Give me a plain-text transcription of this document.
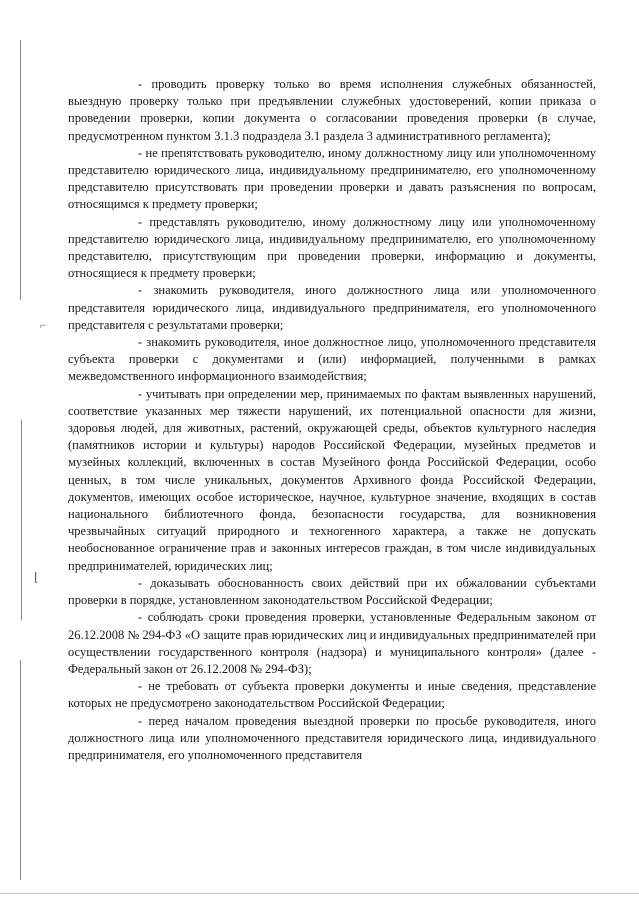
⌐
⌊

- проводить проверку только во время исполнения служебных обязанностей, выездную проверку только при предъявлении служебных удостоверений, копии приказа о проведении проверки, копии документа о согласовании проведения проверки (в случае, предусмотренном пунктом 3.1.3 подраздела 3.1 раздела 3 административного регламента);

- не препятствовать руководителю, иному должностному лицу или уполномоченному представителю юридического лица, индивидуальному предпринимателю, его уполномоченному представителю присутствовать при проведении проверки и давать разъяснения по вопросам, относящимся к предмету проверки;

- представлять руководителю, иному должностному лицу или уполномоченному представителю юридического лица, индивидуальному предпринимателю, его уполномоченному представителю, присутствующим при проведении проверки, информацию и документы, относящиеся к предмету проверки;

- знакомить руководителя, иного должностного лица или уполномоченного представителя юридического лица, индивидуального предпринимателя, его уполномоченного представителя с результатами проверки;

- знакомить руководителя, иное должностное лицо, уполномоченного представителя субъекта проверки с документами и (или) информацией, полученными в рамках межведомственного информационного взаимодействия;

- учитывать при определении мер, принимаемых по фактам выявленных нарушений, соответствие указанных мер тяжести нарушений, их потенциальной опасности для жизни, здоровья людей, для животных, растений, окружающей среды, объектов культурного наследия (памятников истории и культуры) народов Российской Федерации, музейных предметов и музейных коллекций, включенных в состав Музейного фонда Российской Федерации, особо ценных, в том числе уникальных, документов Архивного фонда Российской Федерации, документов, имеющих особое историческое, научное, культурное значение, входящих в состав национального библиотечного фонда, безопасности государства, для возникновения чрезвычайных ситуаций природного и техногенного характера, а также не допускать необоснованное ограничение прав и законных интересов граждан, в том числе индивидуальных предпринимателей, юридических лиц;

- доказывать обоснованность своих действий при их обжаловании субъектами проверки в порядке, установленном законодательством Российской Федерации;

- соблюдать сроки проведения проверки, установленные Федеральным законом от 26.12.2008 № 294-ФЗ «О защите прав юридических лиц и индивидуальных предпринимателей при осуществлении государственного контроля (надзора) и муниципального контроля» (далее - Федеральный закон от 26.12.2008 № 294-ФЗ);

- не требовать от субъекта проверки документы и иные сведения, представление которых не предусмотрено законодательством Российской Федерации;

- перед началом проведения выездной проверки по просьбе руководителя, иного должностного лица или уполномоченного представителя юридического лица, индивидуального предпринимателя, его уполномоченного представителя
